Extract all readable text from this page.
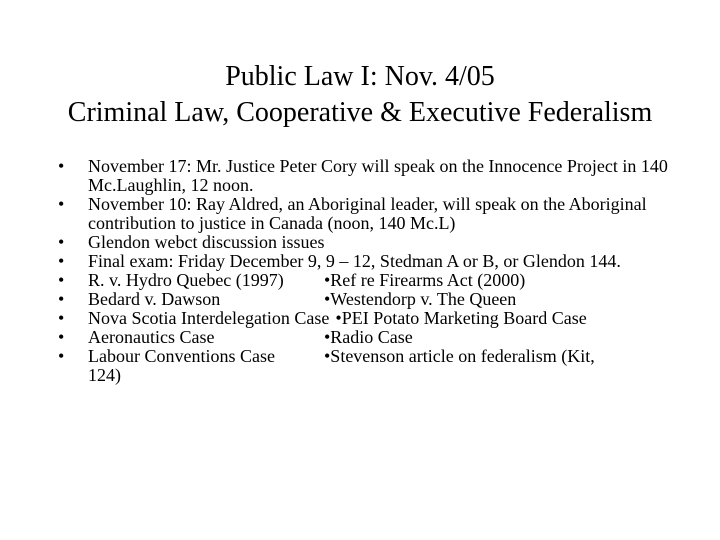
Public Law I: Nov. 4/05
Criminal Law, Cooperative & Executive Federalism
• November 17: Mr. Justice Peter Cory will speak on the Innocence Project in 140 Mc.Laughlin, 12 noon.
• November 10: Ray Aldred, an Aboriginal leader, will speak on the Aboriginal contribution to justice in Canada (noon, 140 Mc.L)
• Glendon webct discussion issues
• Final exam: Friday December 9, 9 – 12, Stedman A or B, or Glendon 144.
• R. v. Hydro Quebec (1997)	•Ref re Firearms Act (2000)
• Bedard v. Dawson	•Westendorp v. The Queen
• Nova Scotia Interdelegation Case •PEI Potato Marketing Board Case
• Aeronautics Case	•Radio Case
• Labour Conventions Case	•Stevenson article on federalism (Kit,
124)
